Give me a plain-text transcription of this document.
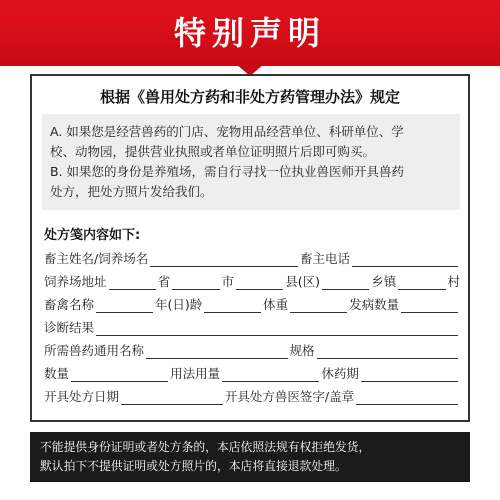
特别声明
根据《兽用处方药和非处方药管理办法》规定
A. 如果您是经营兽药的门店、宠物用品经营单位、科研单位、学
校、动物园，提供营业执照或者单位证明照片后即可购买。
B. 如果您的身份是养殖场，需自行寻找一位执业兽医师开具兽药
处方，把处方照片发给我们。
处方笺内容如下:
畜主姓名/饲养场名	畜主电话
饲养场地址	省	市	县(区)	乡镇	村
畜禽名称	年(日)龄	体重	发病数量
诊断结果
所需兽药通用名称	规格
数量	用法用量	休药期
开具处方日期	开具处方兽医签字/盖章
不能提供身份证明或者处方条的，本店依照法规有权拒绝发货，
默认拍下不提供证明或处方照片的，本店将直接退款处理。
